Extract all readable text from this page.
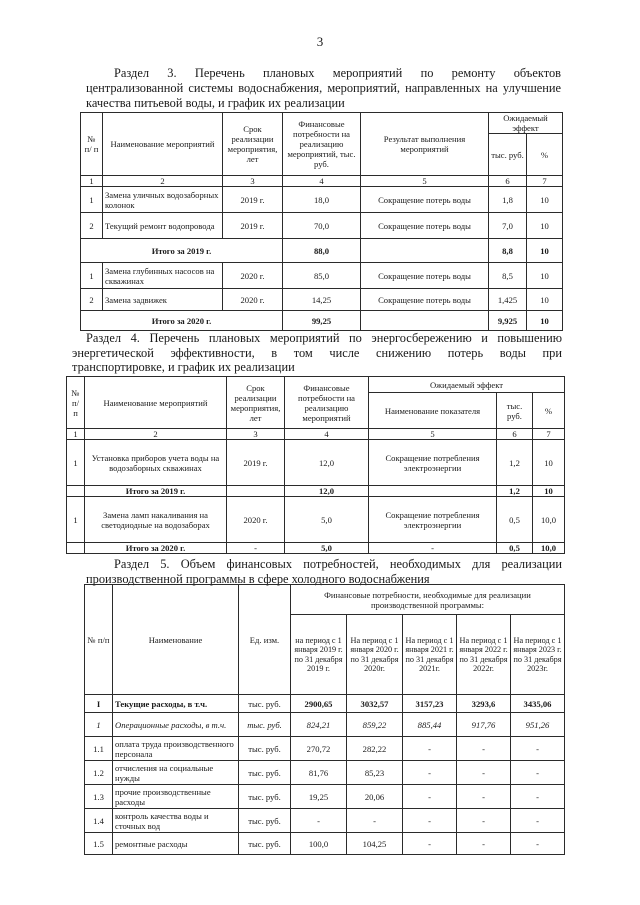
3
Раздел 3. Перечень плановых мероприятий по ремонту объектов
централизованной системы водоснабжения, мероприятий, направленных на улучшение
качества питьевой воды, и график их реализации
№ п/ п	Наименование мероприятий	Срок реализации мероприятия, лет	Финансовые потребности на реализацию мероприятий, тыс. руб.	Результат выполнения мероприятий	Ожидаемый эффект	
					тыс. руб.	%
1	2	3	4	5	6	7
1	Замена уличных водозаборных колонок	2019 г.	18,0	Сокращение потерь воды	1,8	10
2	Текущий ремонт водопровода	2019 г.	70,0	Сокращение потерь воды	7,0	10
Итого за 2019 г.			88,0		8,8	10
1	Замена глубинных насосов на скважинах	2020 г.	85,0	Сокращение потерь воды	8,5	10
2	Замена задвижек	2020 г.	14,25	Сокращение потерь воды	1,425	10
Итого за 2020 г.			99,25		9,925	10
Раздел 4. Перечень плановых мероприятий по энергосбережению и повышению
энергетической эффективности, в том числе снижению потерь воды при
транспортировке, и график их реализации
№ п/ п	Наименование мероприятий	Срок реализации мероприятия, лет	Финансовые потребности на реализацию мероприятий	Ожидаемый эффект		
				Наименование показателя	тыс. руб.	%
1	2	3	4	5	6	7
1	Установка приборов учета воды на водозаборных скважинах	2019 г.	12,0	Сокращение потребления электроэнергии	1,2	10
	Итого за 2019 г.		12,0		1,2	10
1	Замена ламп накаливания на светодиодные на водозаборах	2020 г.	5,0	Сокращение потребления электроэнергии	0,5	10,0
	Итого за 2020 г.	-	5,0	-	0,5	10,0
Раздел 5. Объем финансовых потребностей, необходимых для реализации
производственной программы в сфере холодного водоснабжения
№ п/п	Наименование	Ед. изм.	Финансовые потребности, необходимые для реализации производственной программы:				
			на период с 1 января 2019 г. по 31 декабря 2019 г.	На период с 1 января 2020 г. по 31 декабря 2020г.	На период с 1 января 2021 г. по 31 декабря 2021г.	На период с 1 января 2022 г. по 31 декабря 2022г.	На период с 1 января 2023 г. по 31 декабря 2023г.
I	Текущие расходы, в т.ч.	тыс. руб.	2900,65	3032,57	3157,23	3293,6	3435,06
1	Операционные расходы, в т.ч.	тыс. руб.	824,21	859,22	885,44	917,76	951,26
1.1	оплата труда производственного персонала	тыс. руб.	270,72	282,22	-	-	-
1.2	отчисления на социальные нужды	тыс. руб.	81,76	85,23	-	-	-
1.3	прочие производственные расходы	тыс. руб.	19,25	20,06	-	-	-
1.4	контроль качества воды и сточных вод	тыс. руб.	-	-	-	-	-
1.5	ремонтные расходы	тыс. руб.	100,0	104,25	-	-	-
